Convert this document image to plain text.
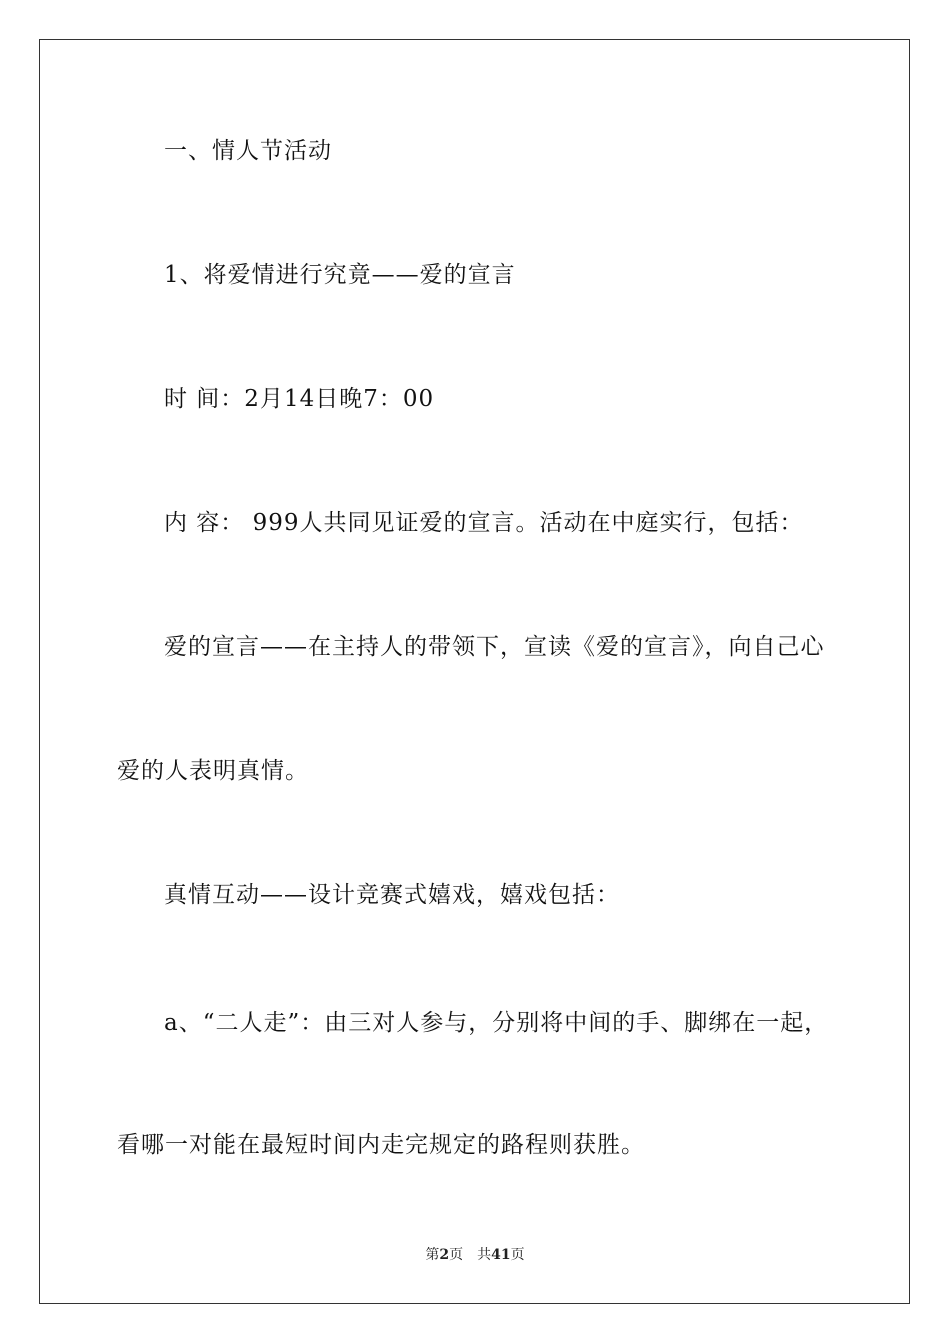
一、情人节活动
1、将爱情进行究竟——爱的宣言
时 间：2月14日晚7：00
内 容： 999人共同见证爱的宣言。活动在中庭实行，包括：
爱的宣言——在主持人的带领下，宣读《爱的宣言》，向自己心
爱的人表明真情。
真情互动——设计竞赛式嬉戏，嬉戏包括：
a、“二人走”：由三对人参与，分别将中间的手、脚绑在一起，
看哪一对能在最短时间内走完规定的路程则获胜。
第2页　共41页
